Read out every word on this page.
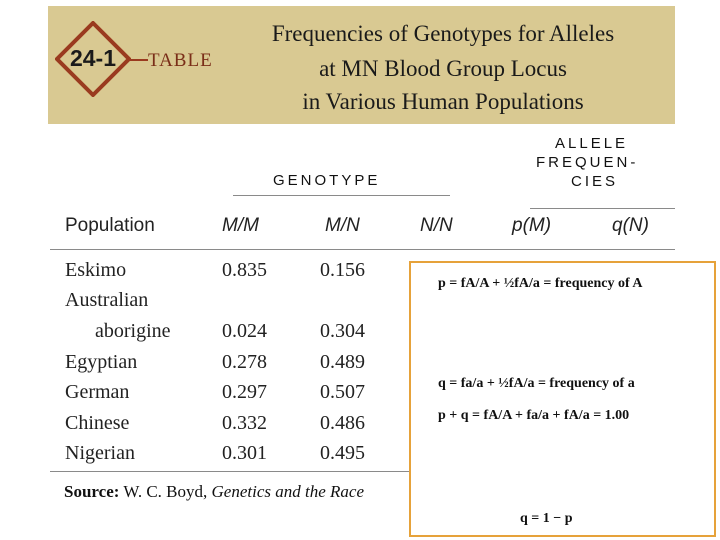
24-1	TABLE
Frequencies of Genotypes for Alleles
at MN Blood Group Locus
in Various Human Populations
ALLELE
FREQUEN-
CIES
GENOTYPE
Population	M/M	M/N	N/N	p(M)	q(N)
Eskimo	0.835	0.156
Australian
aborigine	0.024	0.304
Egyptian	0.278	0.489
German	0.297	0.507
Chinese	0.332	0.486
Nigerian	0.301	0.495
Source: W. C. Boyd, Genetics and the Race
p = fA/A + ½fA/a = frequency of A
q = fa/a + ½fA/a = frequency of a
p + q = fA/A + fa/a + fA/a = 1.00
q = 1 − p
